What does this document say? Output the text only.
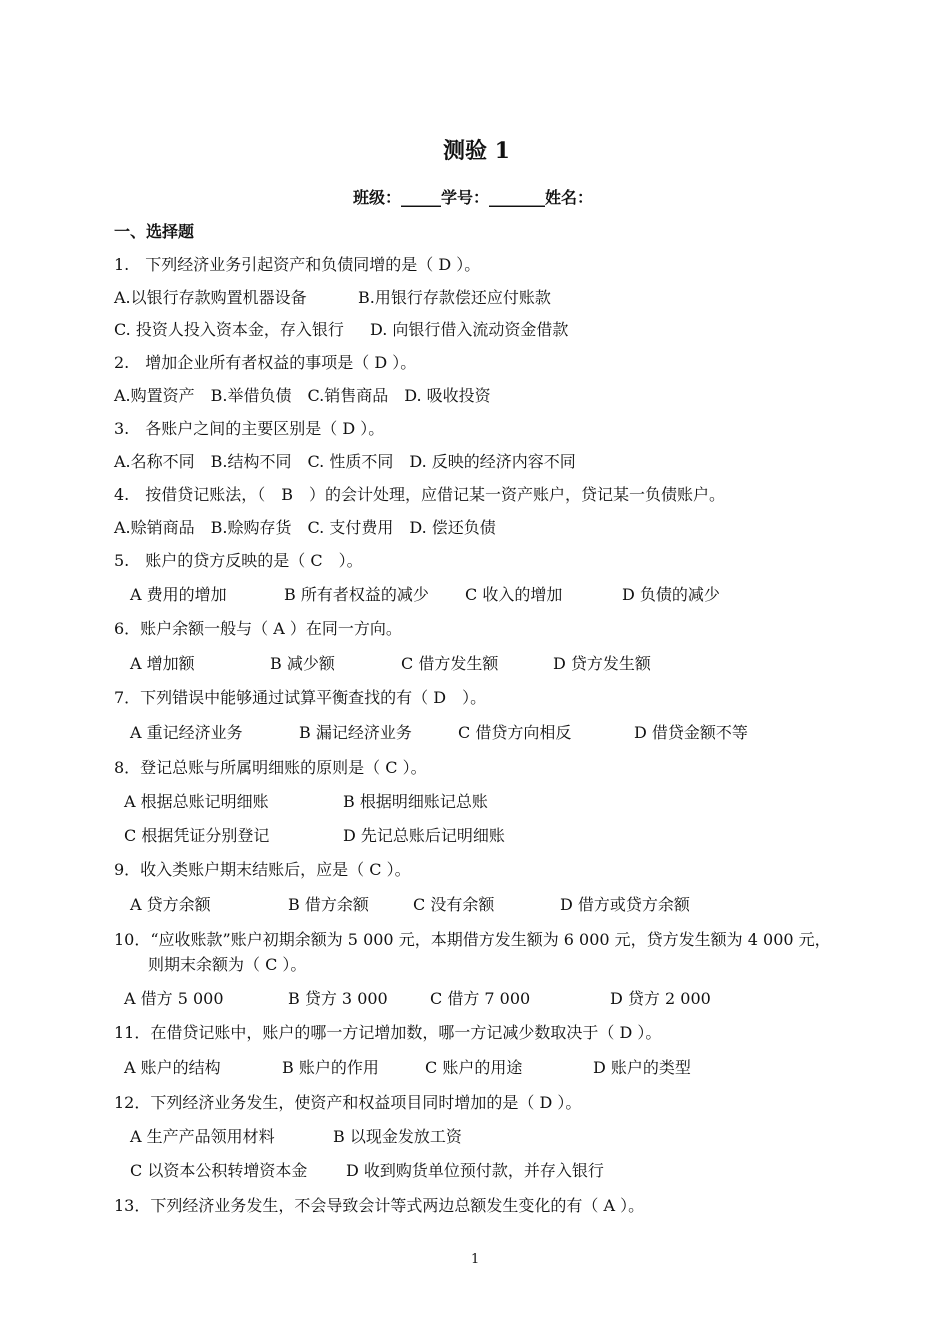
测验 1
班级：_____学号：_______姓名：
一、选择题
1.　下列经济业务引起资产和负债同增的是（ D ）。
A.以银行存款购置机器设备	B.用银行存款偿还应付账款
C. 投资人投入资本金，存入银行 D. 向银行借入流动资金借款
2.　增加企业所有者权益的事项是（ D ）。
A.购置资产　B.举借负债　C.销售商品　D. 吸收投资
3.　各账户之间的主要区别是（ D ）。
A.名称不同　B.结构不同　C. 性质不同　D. 反映的经济内容不同
4.　按借贷记账法，（　B　）的会计处理，应借记某一资产账户，贷记某一负债账户。
A.赊销商品　B.赊购存货　C. 支付费用　D. 偿还负债
5.　账户的贷方反映的是（ C　）。
A 费用的增加	B 所有者权益的减少 C 收入的增加	D 负债的减少
6．账户余额一般与（ A ）在同一方向。
A 增加额	B 减少额	C 借方发生额	D 贷方发生额
7．下列错误中能够通过试算平衡查找的有（ D　）。
A 重记经济业务	B 漏记经济业务	C 借贷方向相反	D 借贷金额不等
8．登记总账与所属明细账的原则是（ C ）。
A 根据总账记明细账	B 根据明细账记总账
C 根据凭证分别登记	D 先记总账后记明细账
9．收入类账户期末结账后，应是（ C ）。
A 贷方余额	B 借方余额	C 没有余额	D 借方或贷方余额
10．“应收账款”账户初期余额为 5 000 元，本期借方发生额为 6 000 元，贷方发生额为 4 000 元，
则期末余额为（ C ）。
A 借方 5 000	B 贷方 3 000	C 借方 7 000	D 贷方 2 000
11．在借贷记账中，账户的哪一方记增加数，哪一方记减少数取决于（ D ）。
A 账户的结构	B 账户的作用	C 账户的用途	D 账户的类型
12．下列经济业务发生，使资产和权益项目同时增加的是（ D ）。
A 生产产品领用材料	B 以现金发放工资
C 以资本公积转增资本金 D 收到购货单位预付款，并存入银行
13．下列经济业务发生，不会导致会计等式两边总额发生变化的有（ A ）。
1
